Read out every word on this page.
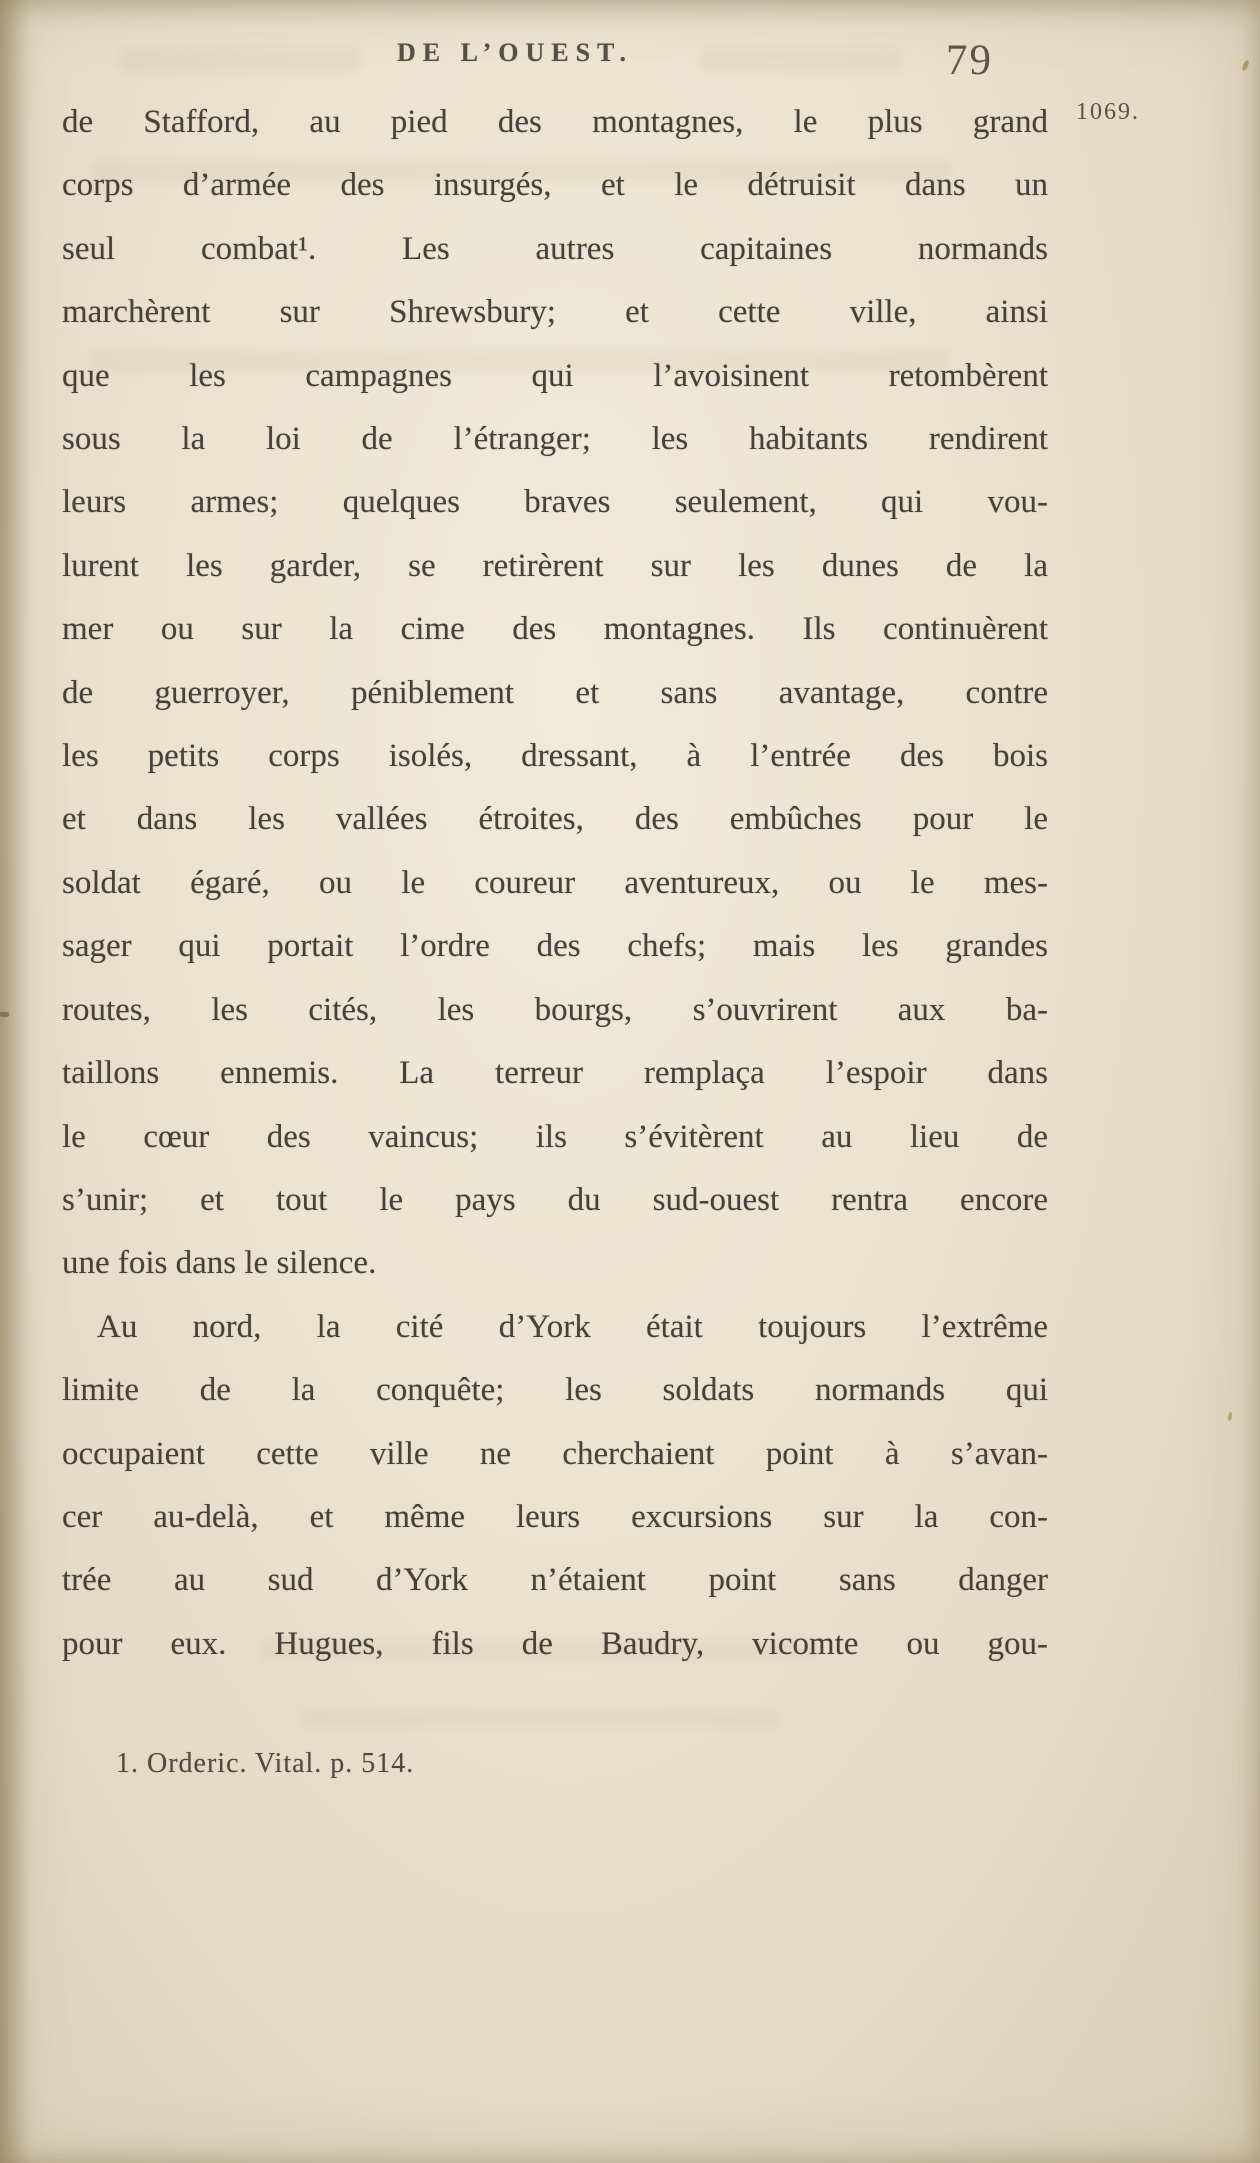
DE L’OUEST.	79
1069.
de Stafford, au pied des montagnes, le plus grand
corps d’armée des insurgés, et le détruisit dans un
seul combat¹. Les autres capitaines normands
marchèrent sur Shrewsbury; et cette ville, ainsi
que les campagnes qui l’avoisinent retombèrent
sous la loi de l’étranger; les habitants rendirent
leurs armes; quelques braves seulement, qui vou-
lurent les garder, se retirèrent sur les dunes de la
mer ou sur la cime des montagnes. Ils continuèrent
de guerroyer, péniblement et sans avantage, contre
les petits corps isolés, dressant, à l’entrée des bois
et dans les vallées étroites, des embûches pour le
soldat égaré, ou le coureur aventureux, ou le mes-
sager qui portait l’ordre des chefs; mais les grandes
routes, les cités, les bourgs, s’ouvrirent aux ba-
taillons ennemis. La terreur remplaça l’espoir dans
le cœur des vaincus; ils s’évitèrent au lieu de
s’unir; et tout le pays du sud-ouest rentra encore
une fois dans le silence.
Au nord, la cité d’York était toujours l’extrême
limite de la conquête; les soldats normands qui
occupaient cette ville ne cherchaient point à s’avan-
cer au-delà, et même leurs excursions sur la con-
trée au sud d’York n’étaient point sans danger
pour eux. Hugues, fils de Baudry, vicomte ou gou-
1. Orderic. Vital. p. 514.
